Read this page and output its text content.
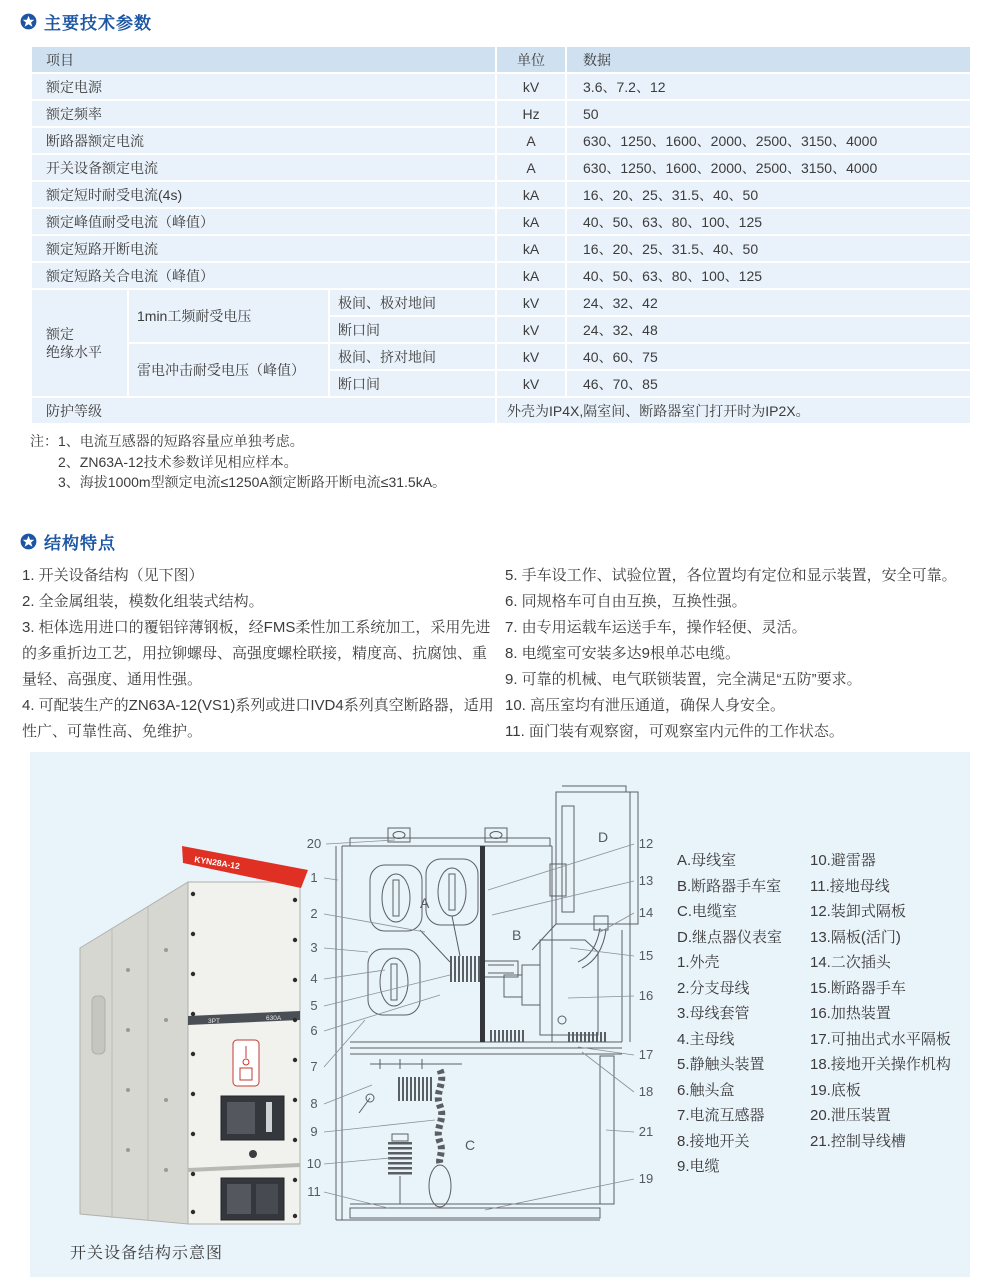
主要技术参数
项目			单位	数据
额定电源			kV	3.6、7.2、12
额定频率			Hz	50
断路器额定电流			A	630、1250、1600、2000、2500、3150、4000
开关设备额定电流			A	630、1250、1600、2000、2500、3150、4000
额定短时耐受电流(4s)			kA	16、20、25、31.5、40、50
额定峰值耐受电流（峰值）			kA	40、50、63、80、100、125
额定短路开断电流			kA	16、20、25、31.5、40、50
额定短路关合电流（峰值）			kA	40、50、63、80、100、125

额定
绝缘水平	1min工频耐受电压	极间、极对地间	kV	24、32、42
		断口间	kV	24、32、48
	雷电冲击耐受电压（峰值）	极间、挤对地间	kV	40、60、75
		断口间	kV	46、70、85
防护等级			外壳为IP4X,隔室间、断路器室门打开时为IP2X。	
注： 1、电流互感器的短路容量应单独考虑。

2、ZN63A-12技术参数详见相应样本。

3、海拔1000m型额定电流≤1250A额定断路开断电流≤31.5kA。

结构特点

1. 开关设备结构（见下图）

2. 全金属组装，模数化组装式结构。

3. 柜体选用进口的覆铝锌薄钢板，经FMS柔性加工系统加工，采用先进的多重折边工艺，用拉铆螺母、高强度螺栓联接，精度高、抗腐蚀、重量轻、高强度、通用性强。

4. 可配装生产的ZN63A-12(VS1)系列或进口IVD4系列真空断路器，适用性广、可靠性高、免维护。

5. 手车设工作、试验位置，各位置均有定位和显示装置，安全可靠。

6. 同规格车可自由互换，互换性强。

7. 由专用运载车运送手车，操作轻便、灵活。

8. 电缆室可安装多达9根单芯电缆。

9. 可靠的机械、电气联锁装置，完全满足“五防”要求。

10. 高压室均有泄压通道，确保人身安全。

11. 面门装有观察窗，可观察室内元件的工作状态。

KYN28A-12
3PT	630A
20
1
2
3
4
5
6
7
8
9
10
11
12
13
14
15
16
17
18
21
19
A
B
C
D
A.母线室
B.断路器手车室
C.电缆室
D.继点器仪表室
1.外壳
2.分支母线
3.母线套管
4.主母线
5.静触头装置
6.触头盒
7.电流互感器
8.接地开关
9.电缆
10.避雷器
11.接地母线
12.装卸式隔板
13.隔板(活门)
14.二次插头
15.断路器手车
16.加热装置
17.可抽出式水平隔板
18.接地开关操作机构
19.底板
20.泄压装置
21.控制导线槽
开关设备结构示意图
